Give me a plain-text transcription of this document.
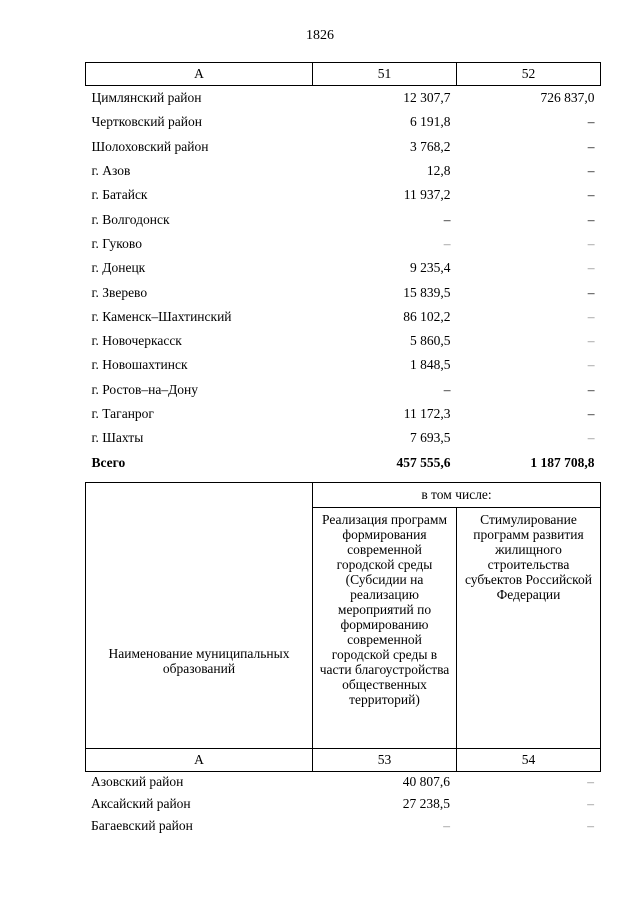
1826
А	51	52
Цимлянский район	12 307,7	726 837,0
Чертковский район	6 191,8	–
Шолоховский район	3 768,2	–
г. Азов	12,8	–
г. Батайск	11 937,2	–
г. Волгодонск	–	–
г. Гуково	–	–
г. Донецк	9 235,4	–
г. Зверево	15 839,5	–
г. Каменск–Шахтинский	86 102,2	–
г. Новочеркасск	5 860,5	–
г. Новошахтинск	1 848,5	–
г. Ростов–на–Дону	–	–
г. Таганрог	11 172,3	–
г. Шахты	7 693,5	–
Всего	457 555,6	1 187 708,8
Наименование муниципальных образований	в том числе:	
	Реализация программ формирования современной городской среды (Субсидии на реализацию мероприятий по формированию современной городской среды в части благоустройства общественных территорий)	Стимулирование программ развития жилищного строительства субъектов Российской Федерации
А	53	54
Азовский район	40 807,6	–
Аксайский район	27 238,5	–
Багаевский район	–	–
